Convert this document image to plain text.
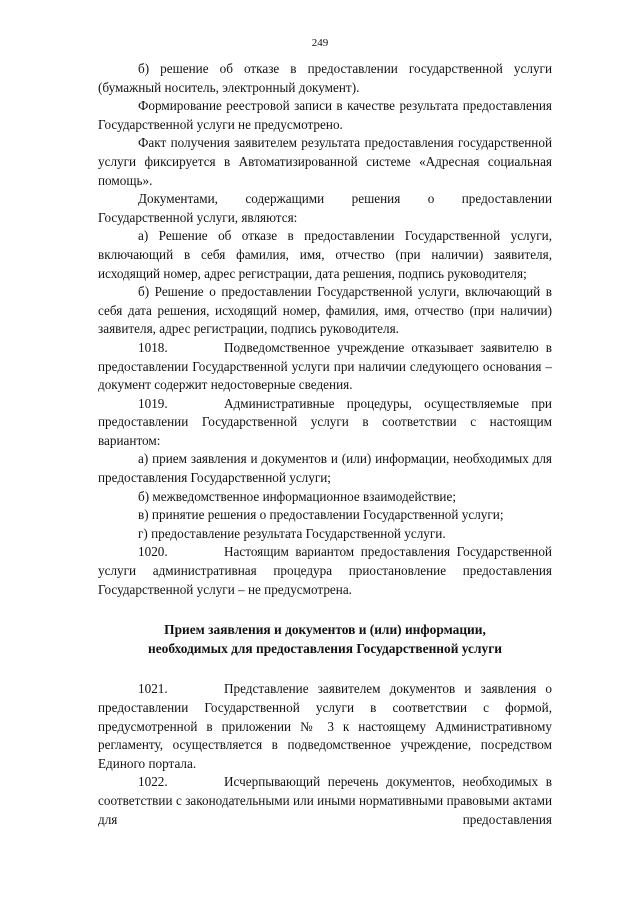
249

б) решение об отказе в предоставлении государственной услуги (бумажный носитель, электронный документ).

Формирование реестровой записи в качестве результата предоставления Государственной услуги не предусмотрено.

Факт получения заявителем результата предоставления государственной услуги фиксируется в Автоматизированной системе «Адресная социальная помощь».

Документами, содержащими решения о предоставлении Государственной услуги, являются:

а) Решение об отказе в предоставлении Государственной услуги, включающий в себя фамилия, имя, отчество (при наличии) заявителя, исходящий номер, адрес регистрации, дата решения, подпись руководителя;

б) Решение о предоставлении Государственной услуги, включающий в себя дата решения, исходящий номер, фамилия, имя, отчество (при наличии) заявителя, адрес регистрации, подпись руководителя.

1018.	Подведомственное учреждение отказывает заявителю в предоставлении Государственной услуги при наличии следующего основания – документ содержит недостоверные сведения.

1019.	Административные процедуры, осуществляемые при предоставлении Государственной услуги в соответствии с настоящим вариантом:

а) прием заявления и документов и (или) информации, необходимых для предоставления Государственной услуги;

б) межведомственное информационное взаимодействие;

в) принятие решения о предоставлении Государственной услуги;

г) предоставление результата Государственной услуги.

1020.	Настоящим вариантом предоставления Государственной услуги административная процедура приостановление предоставления Государственной услуги – не предусмотрена.

Прием заявления и документов и (или) информации,
необходимых для предоставления Государственной услуги

1021.	Представление заявителем документов и заявления о предоставлении Государственной услуги в соответствии с формой, предусмотренной в приложении № 3 к настоящему Административному регламенту, осуществляется в подведомственное учреждение, посредством Единого портала.

1022.	Исчерпывающий перечень документов, необходимых в соответствии с законодательными или иными нормативными правовыми актами для предоставления
